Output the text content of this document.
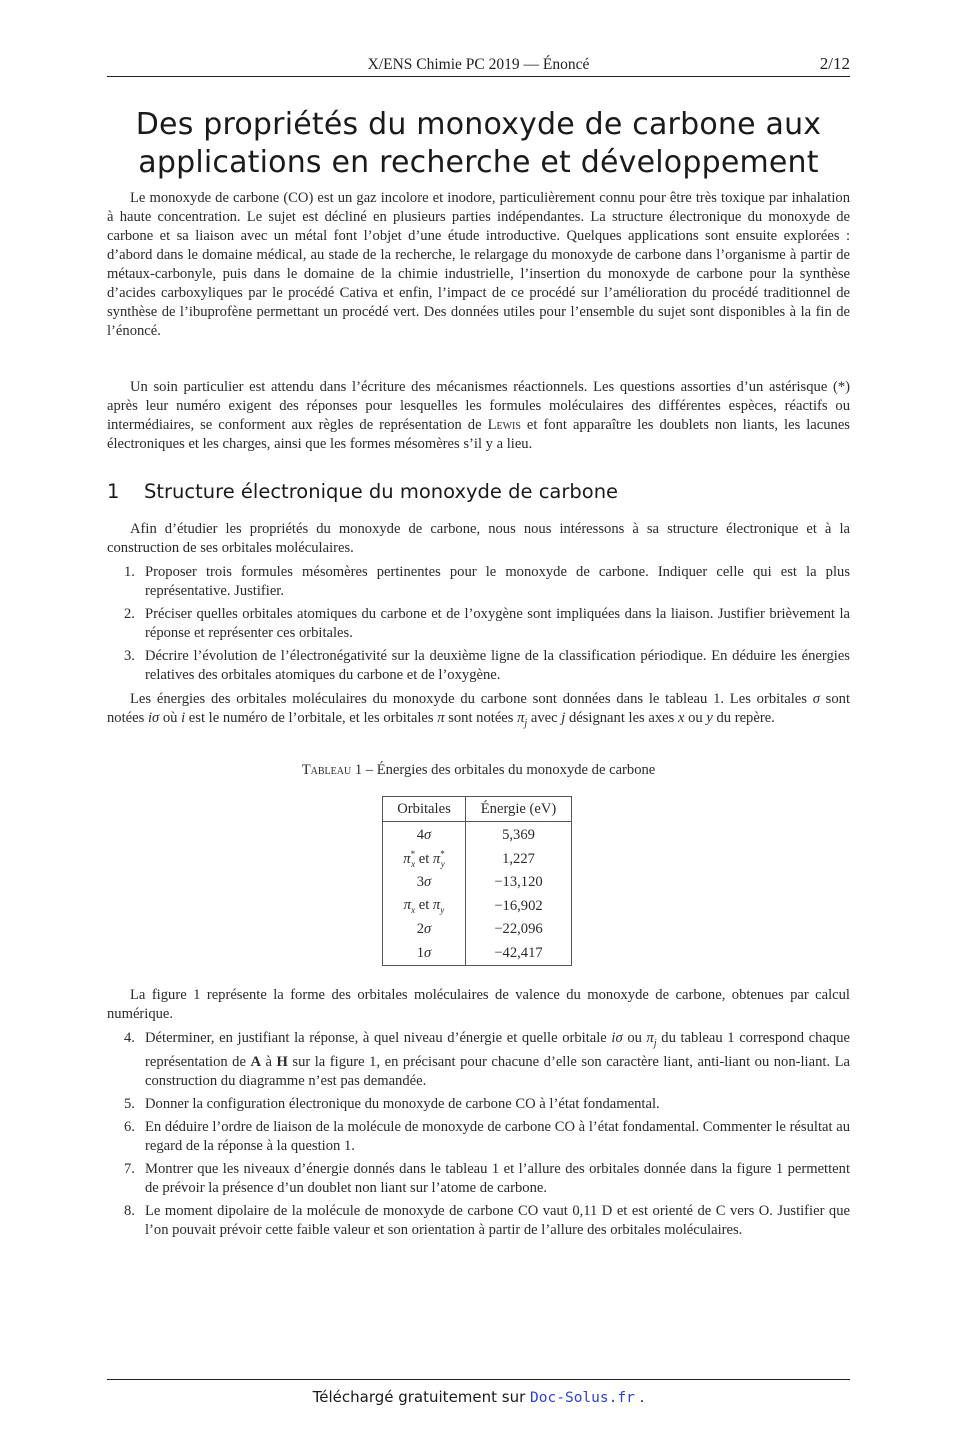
X/ENS Chimie PC 2019 — Énoncé	2/12
Des propriétés du monoxyde de carbone aux
applications en recherche et développement

Le monoxyde de carbone (CO) est un gaz incolore et inodore, particulièrement connu pour être très toxique par inhalation à haute concentration. Le sujet est décliné en plusieurs parties indépendantes. La structure électronique du monoxyde de carbone et sa liaison avec un métal font l’objet d’une étude introductive. Quelques applications sont ensuite explorées : d’abord dans le domaine médical, au stade de la recherche, le relargage du monoxyde de carbone dans l’organisme à partir de métaux-carbonyle, puis dans le domaine de la chimie industrielle, l’insertion du monoxyde de carbone pour la synthèse d’acides carboxyliques par le procédé Cativa et enfin, l’impact de ce procédé sur l’amélioration du procédé traditionnel de synthèse de l’ibuprofène permettant un procédé vert. Des données utiles pour l’ensemble du sujet sont disponibles à la fin de l’énoncé.

Un soin particulier est attendu dans l’écriture des mécanismes réactionnels. Les questions assorties d’un astérisque (*) après leur numéro exigent des réponses pour lesquelles les formules moléculaires des différentes espèces, réactifs ou intermédiaires, se conforment aux règles de représentation de Lewis et font apparaître les doublets non liants, les lacunes électroniques et les charges, ainsi que les formes mésomères s’il y a lieu.

1 Structure électronique du monoxyde de carbone

Afin d’étudier les propriétés du monoxyde de carbone, nous nous intéressons à sa structure électronique et à la construction de ses orbitales moléculaires.

1. Proposer trois formules mésomères pertinentes pour le monoxyde de carbone. Indiquer celle qui est la plus représentative. Justifier.
2. Préciser quelles orbitales atomiques du carbone et de l’oxygène sont impliquées dans la liaison. Justifier brièvement la réponse et représenter ces orbitales.
3. Décrire l’évolution de l’électronégativité sur la deuxième ligne de la classification périodique. En déduire les énergies relatives des orbitales atomiques du carbone et de l’oxygène.

Les énergies des orbitales moléculaires du monoxyde du carbone sont données dans le tableau 1. Les orbitales σ sont notées iσ où i est le numéro de l’orbitale, et les orbitales π sont notées $\pi_j$ avec j désignant les axes x ou y du repère.

Tableau 1 – Énergies des orbitales du monoxyde de carbone
Orbitales	Énergie (eV)
4σ	5,369
$\pi^*_x$ et $\pi^*_y$	1,227
3σ	−13,120
$\pi_x$ et $\pi_y$	−16,902
2σ	−22,096
1σ	−42,417

La figure 1 représente la forme des orbitales moléculaires de valence du monoxyde de carbone, obtenues par calcul numérique.

4. Déterminer, en justifiant la réponse, à quel niveau d’énergie et quelle orbitale iσ ou $\pi_j$ du tableau 1 correspond chaque représentation de A à H sur la figure 1, en précisant pour chacune d’elle son caractère liant, anti-liant ou non-liant. La construction du diagramme n’est pas demandée.
5. Donner la configuration électronique du monoxyde de carbone CO à l’état fondamental.
6. En déduire l’ordre de liaison de la molécule de monoxyde de carbone CO à l’état fondamental. Commenter le résultat au regard de la réponse à la question 1.
7. Montrer que les niveaux d’énergie donnés dans le tableau 1 et l’allure des orbitales donnée dans la figure 1 permettent de prévoir la présence d’un doublet non liant sur l’atome de carbone.
8. Le moment dipolaire de la molécule de monoxyde de carbone CO vaut 0,11 D et est orienté de C vers O. Justifier que l’on pouvait prévoir cette faible valeur et son orientation à partir de l’allure des orbitales moléculaires.
Téléchargé gratuitement sur Doc-Solus.fr .
